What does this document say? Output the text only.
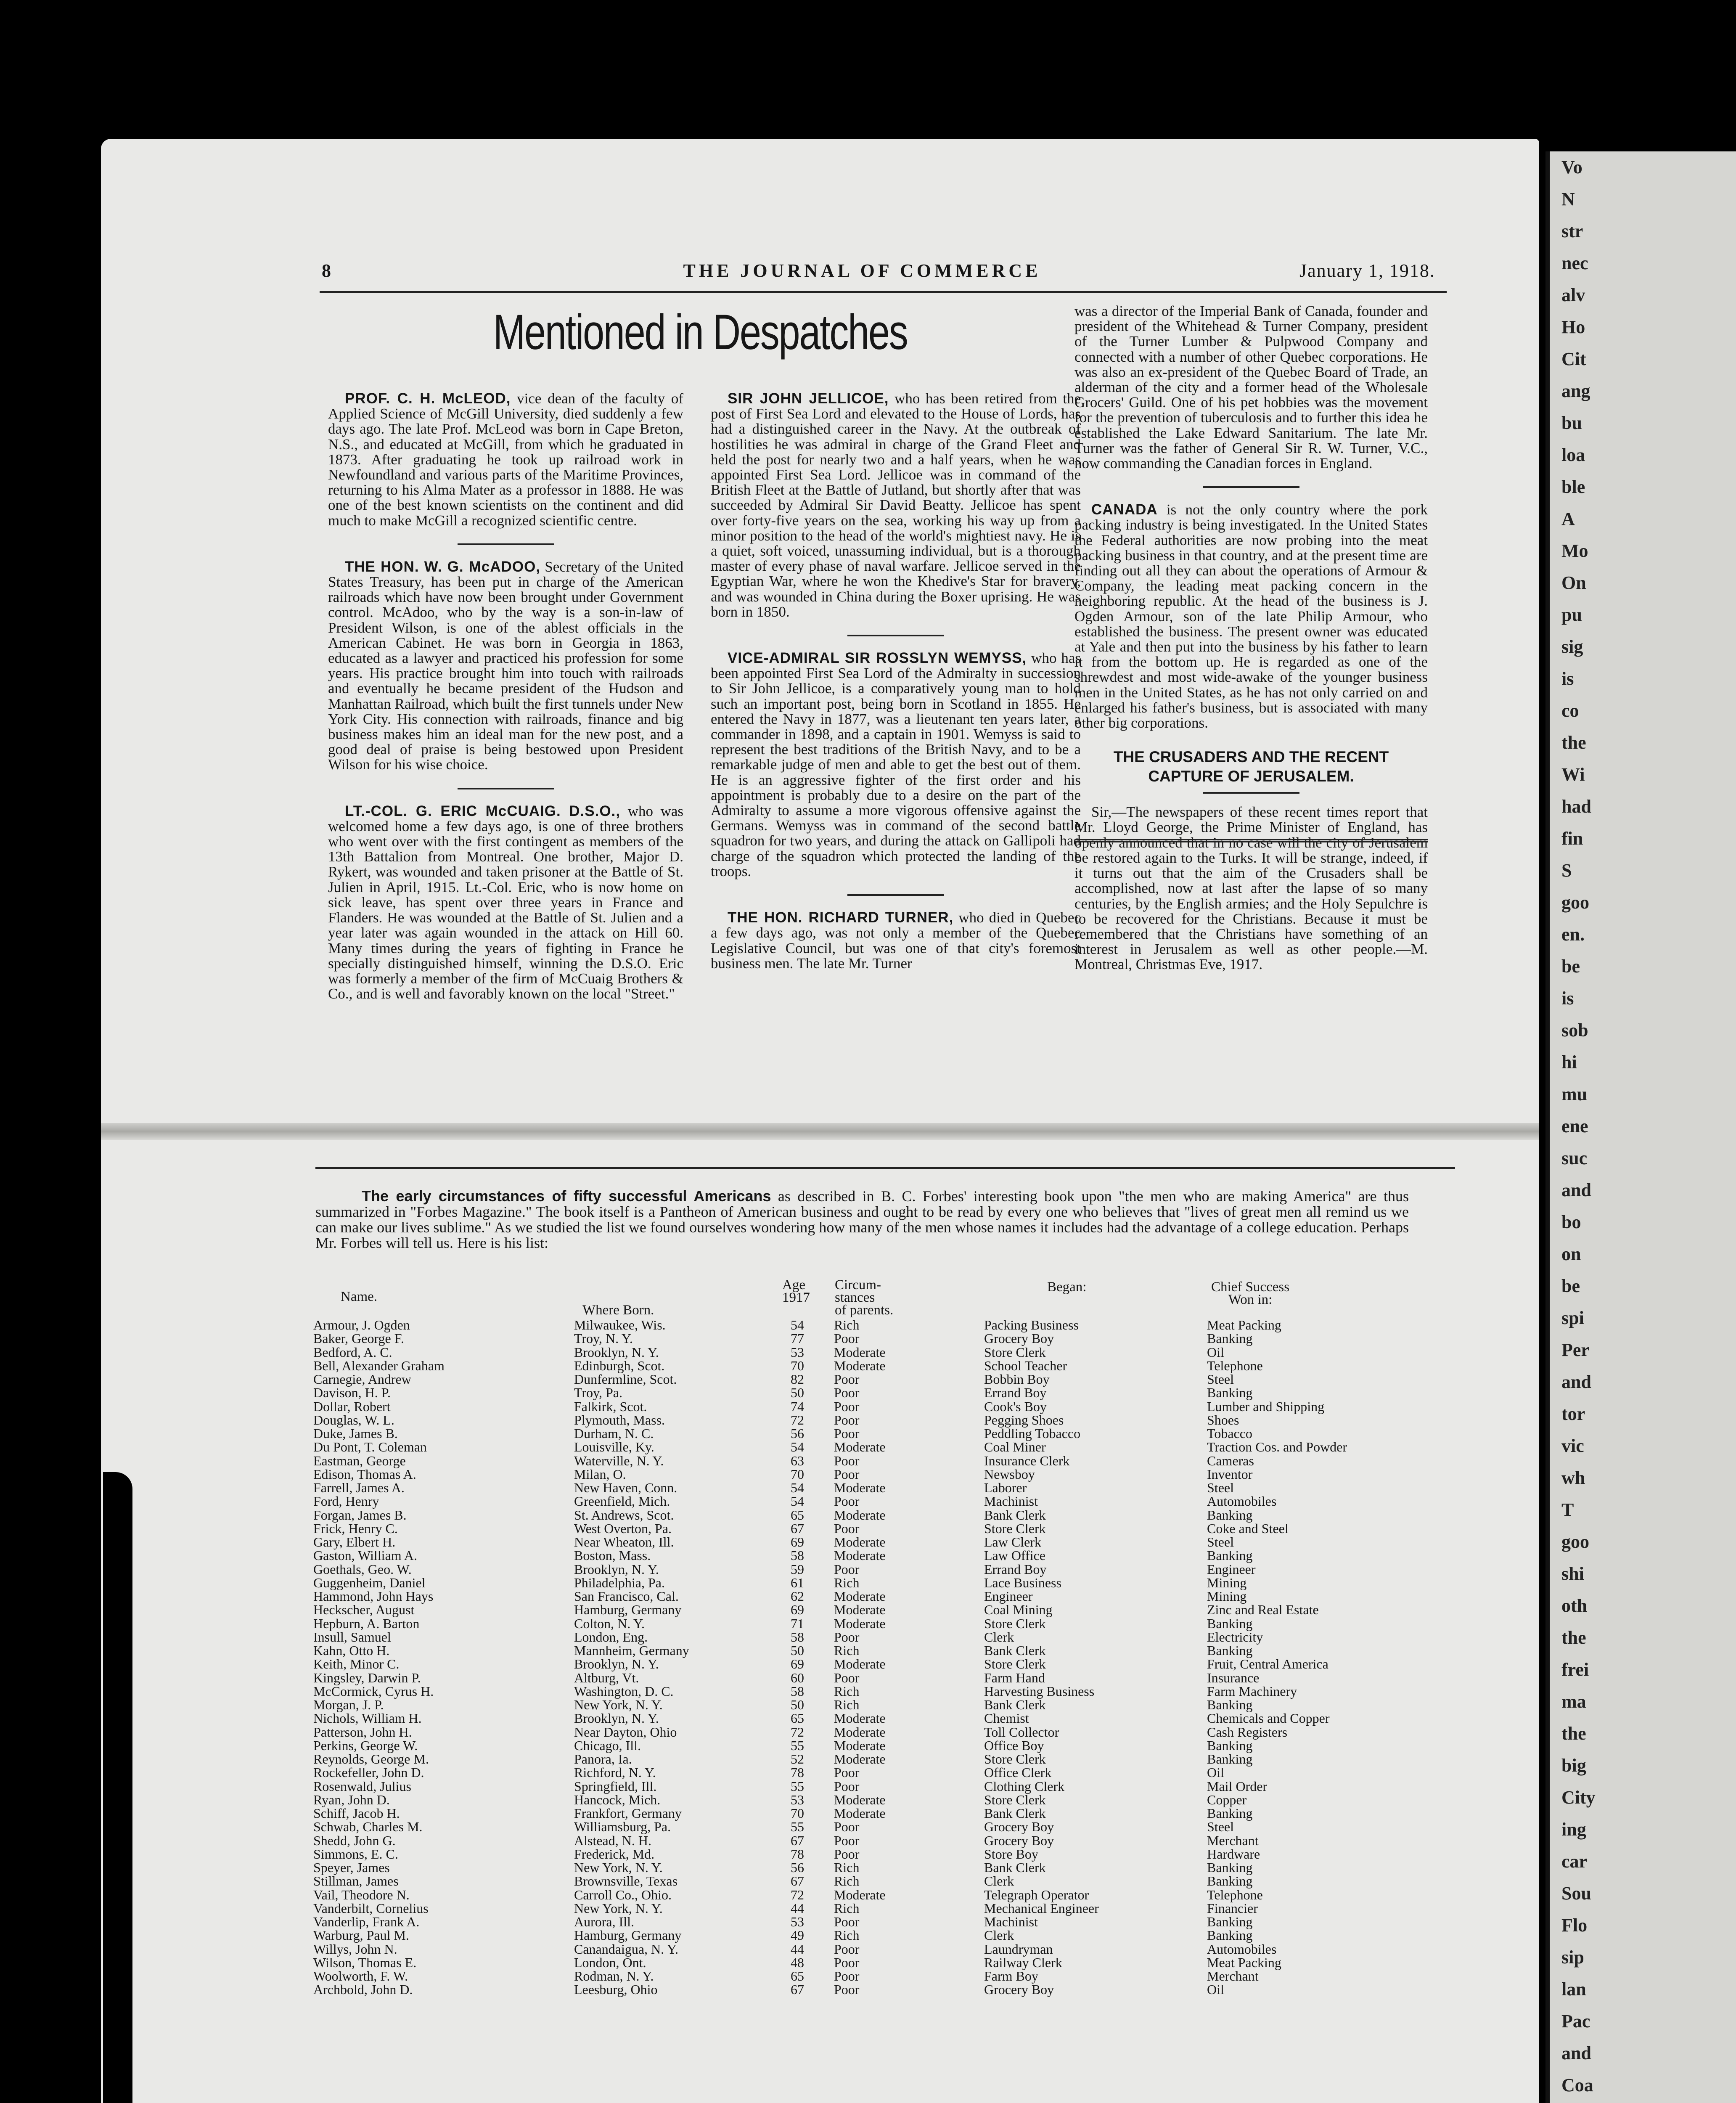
Vo
N
str
nec
alv
Ho
Cit
ang
bu
loa
ble
A
Mo
On
pu
sig
is
co
the
Wi
had
fin
S
goo
en.
be
is
sob
hi
mu
ene
suc
and
bo
on
be
spi
Per
and
tor
vic
wh
T
goo
shi
oth
the
frei
ma
the
big
City
ing
car
Sou
Flo
sip
lan
Pac
and
Coa
8	THE JOURNAL OF COMMERCE	January 1, 1918.
Mentioned in Despatches

PROF. C. H. McLEOD, vice dean of the faculty of Applied Science of McGill University, died suddenly a few days ago. The late Prof. McLeod was born in Cape Breton, N.S., and educated at McGill, from which he graduated in 1873. After graduating he took up railroad work in Newfoundland and various parts of the Maritime Provinces, returning to his Alma Mater as a professor in 1888. He was one of the best known scientists on the continent and did much to make McGill a recognized scientific centre.

THE HON. W. G. McADOO, Secretary of the United States Treasury, has been put in charge of the American railroads which have now been brought under Government control. McAdoo, who by the way is a son-in-law of President Wilson, is one of the ablest officials in the American Cabinet. He was born in Georgia in 1863, educated as a lawyer and practiced his profession for some years. His practice brought him into touch with railroads and eventually he became president of the Hudson and Manhattan Railroad, which built the first tunnels under New York City. His connection with railroads, finance and big business makes him an ideal man for the new post, and a good deal of praise is being bestowed upon President Wilson for his wise choice.

LT.-COL. G. ERIC McCUAIG. D.S.O., who was welcomed home a few days ago, is one of three brothers who went over with the first contingent as members of the 13th Battalion from Montreal. One brother, Major D. Rykert, was wounded and taken prisoner at the Battle of St. Julien in April, 1915. Lt.-Col. Eric, who is now home on sick leave, has spent over three years in France and Flanders. He was wounded at the Battle of St. Julien and a year later was again wounded in the attack on Hill 60. Many times during the years of fighting in France he specially distinguished himself, winning the D.S.O. Eric was formerly a member of the firm of McCuaig Brothers & Co., and is well and favorably known on the local "Street."

SIR JOHN JELLICOE, who has been retired from the post of First Sea Lord and elevated to the House of Lords, has had a distinguished career in the Navy. At the outbreak of hostilities he was admiral in charge of the Grand Fleet and held the post for nearly two and a half years, when he was appointed First Sea Lord. Jellicoe was in command of the British Fleet at the Battle of Jutland, but shortly after that was succeeded by Admiral Sir David Beatty. Jellicoe has spent over forty-five years on the sea, working his way up from a minor position to the head of the world's mightiest navy. He is a quiet, soft voiced, unassuming individual, but is a thorough master of every phase of naval warfare. Jellicoe served in the Egyptian War, where he won the Khedive's Star for bravery, and was wounded in China during the Boxer uprising. He was born in 1850.

VICE-ADMIRAL SIR ROSSLYN WEMYSS, who has been appointed First Sea Lord of the Admiralty in succession to Sir John Jellicoe, is a comparatively young man to hold such an important post, being born in Scotland in 1855. He entered the Navy in 1877, was a lieutenant ten years later, a commander in 1898, and a captain in 1901. Wemyss is said to represent the best traditions of the British Navy, and to be a remarkable judge of men and able to get the best out of them. He is an aggressive fighter of the first order and his appointment is probably due to a desire on the part of the Admiralty to assume a more vigorous offensive against the Germans. Wemyss was in command of the second battle squadron for two years, and during the attack on Gallipoli had charge of the squadron which protected the landing of the troops.

THE HON. RICHARD TURNER, who died in Quebec a few days ago, was not only a member of the Quebec Legislative Council, but was one of that city's foremost business men. The late Mr. Turner

was a director of the Imperial Bank of Canada, founder and president of the Whitehead & Turner Company, president of the Turner Lumber & Pulpwood Company and connected with a number of other Quebec corporations. He was also an ex-president of the Quebec Board of Trade, an alderman of the city and a former head of the Wholesale Grocers' Guild. One of his pet hobbies was the movement for the prevention of tuberculosis and to further this idea he established the Lake Edward Sanitarium. The late Mr. Turner was the father of General Sir R. W. Turner, V.C., now commanding the Canadian forces in England.

CANADA is not the only country where the pork packing industry is being investigated. In the United States the Federal authorities are now probing into the meat packing business in that country, and at the present time are finding out all they can about the operations of Armour & Company, the leading meat packing concern in the neighboring republic. At the head of the business is J. Ogden Armour, son of the late Philip Armour, who established the business. The present owner was educated at Yale and then put into the business by his father to learn it from the bottom up. He is regarded as one of the shrewdest and most wide-awake of the younger business men in the United States, as he has not only carried on and enlarged his father's business, but is associated with many other big corporations.

THE CRUSADERS AND THE RECENT CAPTURE OF JERUSALEM.

Sir,—The newspapers of these recent times report that Mr. Lloyd George, the Prime Minister of England, has openly announced that in no case will the city of Jerusalem be restored again to the Turks. It will be strange, indeed, if it turns out that the aim of the Crusaders shall be accomplished, now at last after the lapse of so many centuries, by the English armies; and the Holy Sepulchre is to be recovered for the Christians. Because it must be remembered that the Christians have something of an interest in Jerusalem as well as other people.—M. Montreal, Christmas Eve, 1917.

The early circumstances of fifty successful Americans as described in B. C. Forbes' interesting book upon "the men who are making America" are thus summarized in "Forbes Magazine." The book itself is a Pantheon of American business and ought to be read by every one who believes that "lives of great men all remind us we can make our lives sublime." As we studied the list we found ourselves wondering how many of the men whose names it includes had the advantage of a college education. Perhaps Mr. Forbes will tell us. Here is his list:
Name.
Where Born.
Age
1917
Circum-
stances
of parents.
Began:	Chief Success
Won in:
Armour, J. Ogden	Milwaukee, Wis.	54 Rich	Packing Business	Meat Packing
Baker, George F.	Troy, N. Y.	77 Poor	Grocery Boy	Banking
Bedford, A. C.	Brooklyn, N. Y.	53 Moderate	Store Clerk	Oil
Bell, Alexander Graham	Edinburgh, Scot.	70 Moderate	School Teacher	Telephone
Carnegie, Andrew	Dunfermline, Scot.	82 Poor	Bobbin Boy	Steel
Davison, H. P.	Troy, Pa.	50 Poor	Errand Boy	Banking
Dollar, Robert	Falkirk, Scot.	74 Poor	Cook's Boy	Lumber and Shipping
Douglas, W. L.	Plymouth, Mass.	72 Poor	Pegging Shoes	Shoes
Duke, James B.	Durham, N. C.	56 Poor	Peddling Tobacco	Tobacco
Du Pont, T. Coleman	Louisville, Ky.	54 Moderate	Coal Miner	Traction Cos. and Powder
Eastman, George	Waterville, N. Y.	63 Poor	Insurance Clerk	Cameras
Edison, Thomas A.	Milan, O.	70 Poor	Newsboy	Inventor
Farrell, James A.	New Haven, Conn.	54 Moderate	Laborer	Steel
Ford, Henry	Greenfield, Mich.	54 Poor	Machinist	Automobiles
Forgan, James B.	St. Andrews, Scot.	65 Moderate	Bank Clerk	Banking
Frick, Henry C.	West Overton, Pa.	67 Poor	Store Clerk	Coke and Steel
Gary, Elbert H.	Near Wheaton, Ill.	69 Moderate	Law Clerk	Steel
Gaston, William A.	Boston, Mass.	58 Moderate	Law Office	Banking
Goethals, Geo. W.	Brooklyn, N. Y.	59 Poor	Errand Boy	Engineer
Guggenheim, Daniel	Philadelphia, Pa.	61 Rich	Lace Business	Mining
Hammond, John Hays	San Francisco, Cal.	62 Moderate	Engineer	Mining
Heckscher, August	Hamburg, Germany	69 Moderate	Coal Mining	Zinc and Real Estate
Hepburn, A. Barton	Colton, N. Y.	71 Moderate	Store Clerk	Banking
Insull, Samuel	London, Eng.	58 Poor	Clerk	Electricity
Kahn, Otto H.	Mannheim, Germany	50 Rich	Bank Clerk	Banking
Keith, Minor C.	Brooklyn, N. Y.	69 Moderate	Store Clerk	Fruit, Central America
Kingsley, Darwin P.	Altburg, Vt.	60 Poor	Farm Hand	Insurance
McCormick, Cyrus H.	Washington, D. C.	58 Rich	Harvesting Business	Farm Machinery
Morgan, J. P.	New York, N. Y.	50 Rich	Bank Clerk	Banking
Nichols, William H.	Brooklyn, N. Y.	65 Moderate	Chemist	Chemicals and Copper
Patterson, John H.	Near Dayton, Ohio	72 Moderate	Toll Collector	Cash Registers
Perkins, George W.	Chicago, Ill.	55 Moderate	Office Boy	Banking
Reynolds, George M.	Panora, Ia.	52 Moderate	Store Clerk	Banking
Rockefeller, John D.	Richford, N. Y.	78 Poor	Office Clerk	Oil
Rosenwald, Julius	Springfield, Ill.	55 Poor	Clothing Clerk	Mail Order
Ryan, John D.	Hancock, Mich.	53 Moderate	Store Clerk	Copper
Schiff, Jacob H.	Frankfort, Germany	70 Moderate	Bank Clerk	Banking
Schwab, Charles M.	Williamsburg, Pa.	55 Poor	Grocery Boy	Steel
Shedd, John G.	Alstead, N. H.	67 Poor	Grocery Boy	Merchant
Simmons, E. C.	Frederick, Md.	78 Poor	Store Boy	Hardware
Speyer, James	New York, N. Y.	56 Rich	Bank Clerk	Banking
Stillman, James	Brownsville, Texas	67 Rich	Clerk	Banking
Vail, Theodore N.	Carroll Co., Ohio.	72 Moderate	Telegraph Operator	Telephone
Vanderbilt, Cornelius	New York, N. Y.	44 Rich	Mechanical Engineer	Financier
Vanderlip, Frank A.	Aurora, Ill.	53 Poor	Machinist	Banking
Warburg, Paul M.	Hamburg, Germany	49 Rich	Clerk	Banking
Willys, John N.	Canandaigua, N. Y.	44 Poor	Laundryman	Automobiles
Wilson, Thomas E.	London, Ont.	48 Poor	Railway Clerk	Meat Packing
Woolworth, F. W.	Rodman, N. Y.	65 Poor	Farm Boy	Merchant
Archbold, John D.	Leesburg, Ohio	67 Poor	Grocery Boy	Oil
